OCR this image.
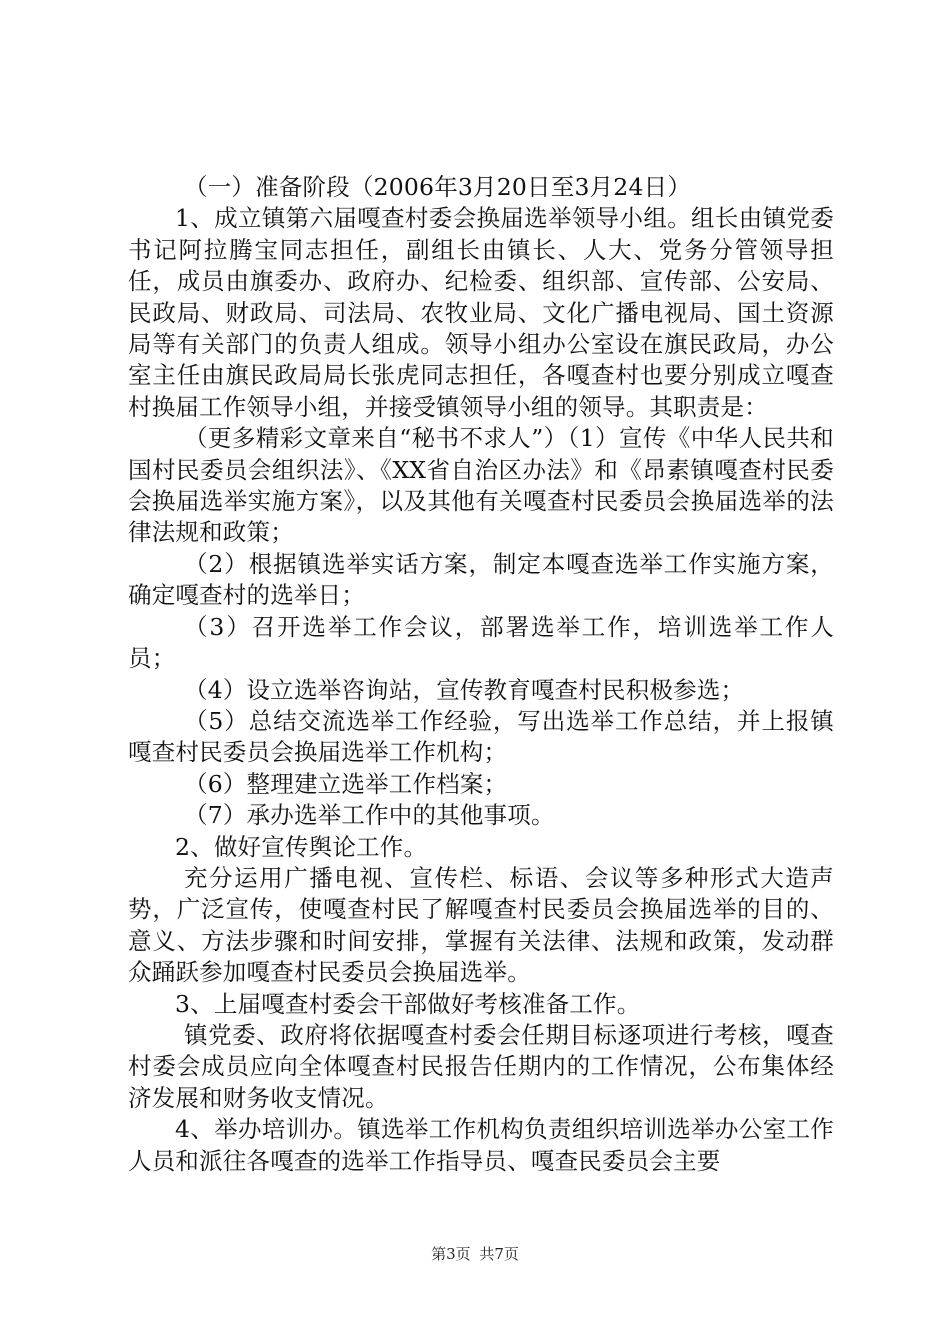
（一）准备阶段（2006年3月20日至3月24日）

1、成立镇第六届嘎查村委会换届选举领导小组。组长由镇党委书记阿拉腾宝同志担任，副组长由镇长、人大、党务分管领导担任，成员由旗委办、政府办、纪检委、组织部、宣传部、公安局、民政局、财政局、司法局、农牧业局、文化广播电视局、国土资源局等有关部门的负责人组成。领导小组办公室设在旗民政局，办公室主任由旗民政局局长张虎同志担任，各嘎查村也要分别成立嘎查村换届工作领导小组，并接受镇领导小组的领导。其职责是：

（更多精彩文章来自“秘书不求人”）（1）宣传《中华人民共和国村民委员会组织法》、《XX省自治区办法》和《昂素镇嘎查村民委会换届选举实施方案》，以及其他有关嘎查村民委员会换届选举的法律法规和政策；

（2）根据镇选举实话方案，制定本嘎查选举工作实施方案，确定嘎查村的选举日；

（3）召开选举工作会议，部署选举工作，培训选举工作人员；

（4）设立选举咨询站，宣传教育嘎查村民积极参选；

（5）总结交流选举工作经验，写出选举工作总结，并上报镇嘎查村民委员会换届选举工作机构；

（6）整理建立选举工作档案；

（7）承办选举工作中的其他事项。

2、做好宣传舆论工作。

充分运用广播电视、宣传栏、标语、会议等多种形式大造声势，广泛宣传，使嘎查村民了解嘎查村民委员会换届选举的目的、意义、方法步骤和时间安排，掌握有关法律、法规和政策，发动群众踊跃参加嘎查村民委员会换届选举。

3、上届嘎查村委会干部做好考核准备工作。

镇党委、政府将依据嘎查村委会任期目标逐项进行考核，嘎查村委会成员应向全体嘎查村民报告任期内的工作情况，公布集体经济发展和财务收支情况。

4、举办培训办。镇选举工作机构负责组织培训选举办公室工作人员和派往各嘎查的选举工作指导员、嘎查民委员会主要

第3页 共7页
